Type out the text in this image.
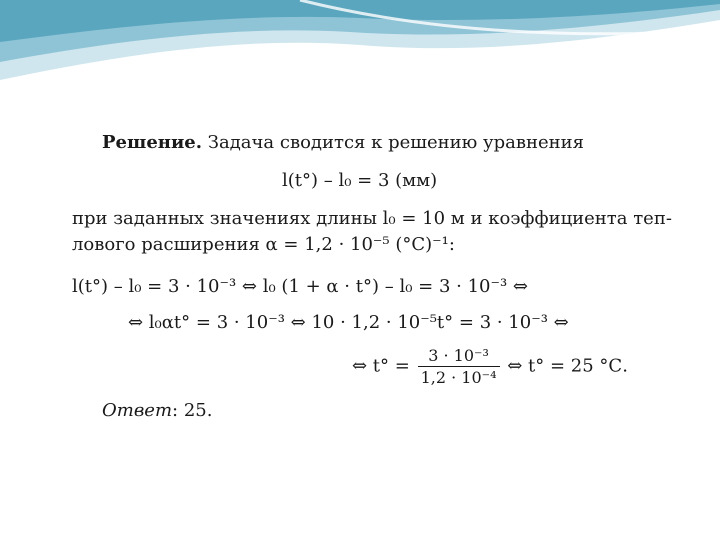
Решение. Задача сводится к решению уравнения
l(t°) – l₀ = 3 (мм)
при заданных значениях длины l₀ = 10 м и коэффициента теп-
лового расширения α = 1,2 · 10⁻⁵ (°С)⁻¹:
l(t°) – l₀ = 3 · 10⁻³ ⇔ l₀ (1 + α · t°) – l₀ = 3 · 10⁻³ ⇔
⇔ l₀αt° = 3 · 10⁻³ ⇔ 10 · 1,2 · 10⁻⁵t° = 3 · 10⁻³ ⇔
⇔ $t^\circ = \frac{\text{3 · 10⁻³}}{\text{1,2 · 10⁻⁴}}$ ⇔ t° = 25 °С.
Ответ: 25.
